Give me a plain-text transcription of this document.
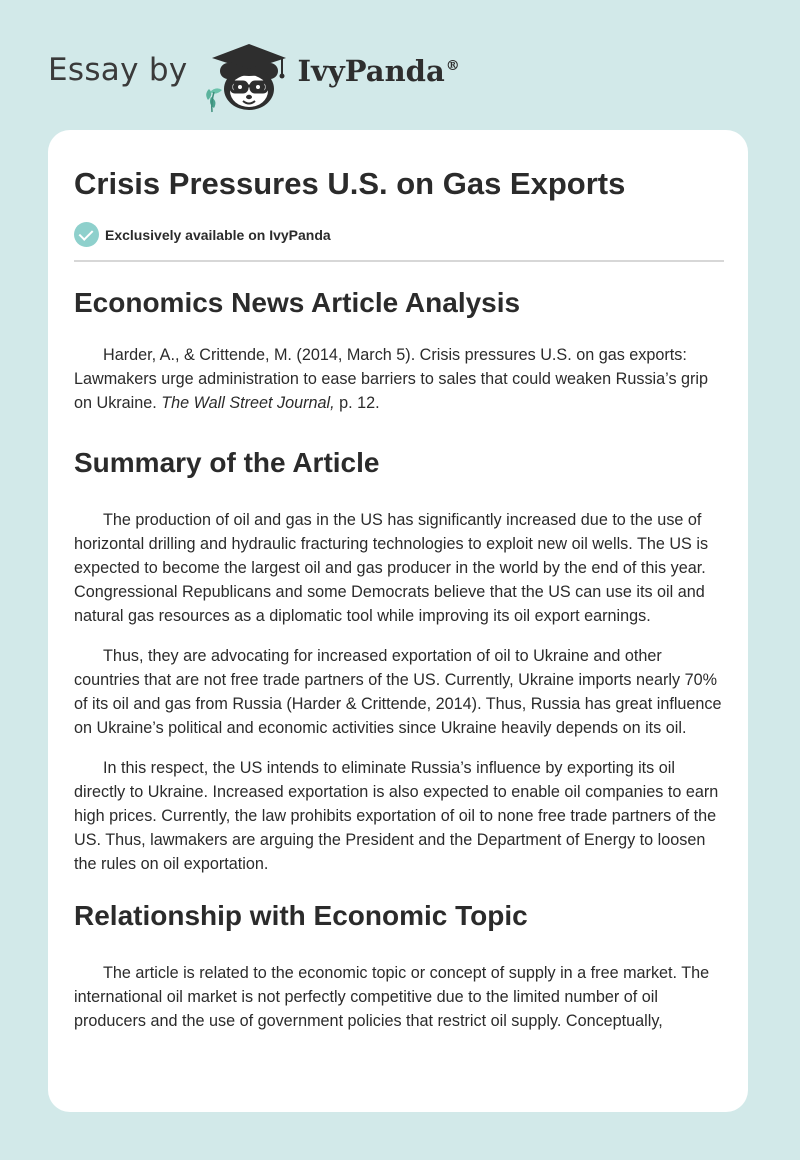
Essay by	IvyPanda®
Crisis Pressures U.S. on Gas Exports
Exclusively available on IvyPanda
Economics News Article Analysis

Harder, A., & Crittende, M. (2014, March 5). Crisis pressures U.S. on gas exports: Lawmakers urge administration to ease barriers to sales that could weaken Russia’s grip on Ukraine. The Wall Street Journal, p. 12.

Summary of the Article

The production of oil and gas in the US has significantly increased due to the use of horizontal drilling and hydraulic fracturing technologies to exploit new oil wells. The US is expected to become the largest oil and gas producer in the world by the end of this year. Congressional Republicans and some Democrats believe that the US can use its oil and natural gas resources as a diplomatic tool while improving its oil export earnings.

Thus, they are advocating for increased exportation of oil to Ukraine and other countries that are not free trade partners of the US. Currently, Ukraine imports nearly 70% of its oil and gas from Russia (Harder & Crittende, 2014). Thus, Russia has great influence on Ukraine’s political and economic activities since Ukraine heavily depends on its oil.

In this respect, the US intends to eliminate Russia’s influence by exporting its oil directly to Ukraine. Increased exportation is also expected to enable oil companies to earn high prices. Currently, the law prohibits exportation of oil to none free trade partners of the US. Thus, lawmakers are arguing the President and the Department of Energy to loosen the rules on oil exportation.

Relationship with Economic Topic

The article is related to the economic topic or concept of supply in a free market. The international oil market is not perfectly competitive due to the limited number of oil producers and the use of government policies that restrict oil supply. Conceptually,
